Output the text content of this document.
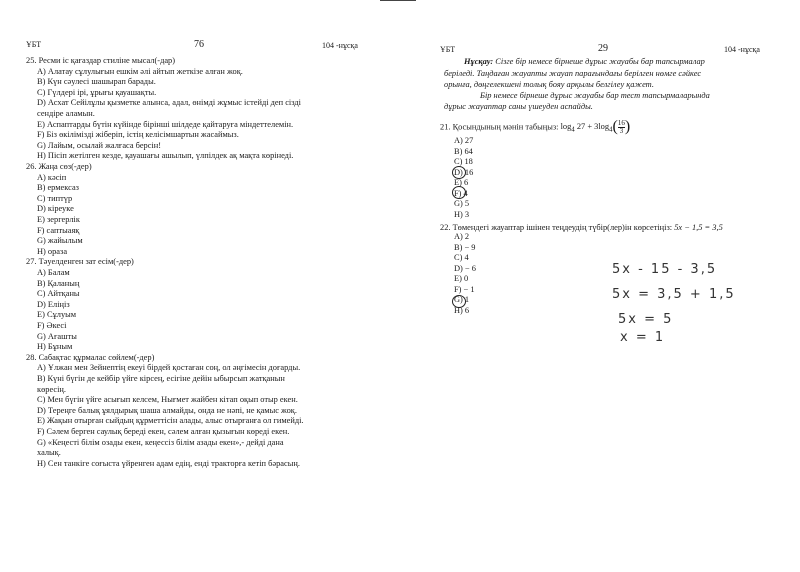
ҰБТ	76	104 -нұсқа
25. Ресми іс қағаздар стиліне мысал(-дар)
A) Алатау сұлулығын ешкім әлі айтып жеткізе алған жоқ.
B) Күн сәулесі шашырап барады.
C) Гүлдері ірі, ұрығы қауашақты.
D) Асхат Сейілұлы қызметке алынса, адал, өнімді жұмыс істейді деп сізді
сендіре аламын.
E) Аспаптарды бүтін күйінде бірінші шілдеде қайтаруға міндеттелемін.
F) Біз өкілімізді жіберіп, істің келісімшартын жасаймыз.
G) Лайым, осылай жалғаса берсін!
H) Пісіп жетілген кезде, қауашағы ашылып, үлпілдек ақ мақта көрінеді.
26. Жаңа сөз(-дер)
A) кәсіп
B) ермексаз
C) типтүр
D) кіреуке
E) зергерлік
F) саптыаяқ
G) жайылым
H) ораза
27. Тәуелденген зат есім(-дер)
A) Балам
B) Қаланың
C) Айтқаны
D) Еліңіз
E) Сұлуым
F) Әкесі
G) Ағашты
H) Бұным
28. Сабақтас құрмалас сөйлем(-дер)
A) Ұлжан мен Зейнептің екеуі бірдей қостаған соң, ол әңгімесін доғарды.
B) Күні бүгін де кейбір үйге кірсең, есігіне дейін ыбырсып жатқанын
көресің.
C) Мен бүгін үйге асығып келсем, Нығмет жайбен кітап оқып отыр екен.
D) Тереңге балық ұялдырық шаша алмайды, онда не нәпі, не қамыс жоқ.
E) Жақын отырған сыйдың құрметтісін алады, алыс отырғанға ол гимейді.
F) Сәлем берген саулық береді екен, сәлем алған қызығын көреді екен.
G) «Кеңесті білім озады екен, кеңессіз білім азады екен»,- дейді дана
халық.
H) Сен танкіге соғыста үйренген адам едің, енді тракторға кетіп бәрасың.
ҰБТ	29	104 -нұсқа
Нұсқау: Сізге бір немесе бірнеше дұрыс жауабы бар тапсырмалар
беріледі. Таңдаған жауапты жауап парағындағы берілген нөмге сәйкес
орынға, дөңгелекшені толық бояу арқылы белгілеу қажет.
Бір немесе бірнеше дұрыс жауабы бар тест тапсырмаларында
дұрыс жауаптар саны үшеуден аспайды.
21. Қосындының мәнін табыңыз: $\log_4 27 + 3\log_4( \frac{16}{3}$ )
A) 27
B) 64
C) 18
D) 16
E) 6
F) 4
G) 5
H) 3
22. Төмендегі жауаптар ішінен теңдеудің түбір(лер)ін көрсетіңіз: 5x − 1,5 = 3,5
A) 2
B) − 9
C) 4
D) − 6
E) 0
F) − 1
G) 1
H) 6
5х - 15 - 3,5
5х = 3,5 + 1,5
5х = 5
х = 1
